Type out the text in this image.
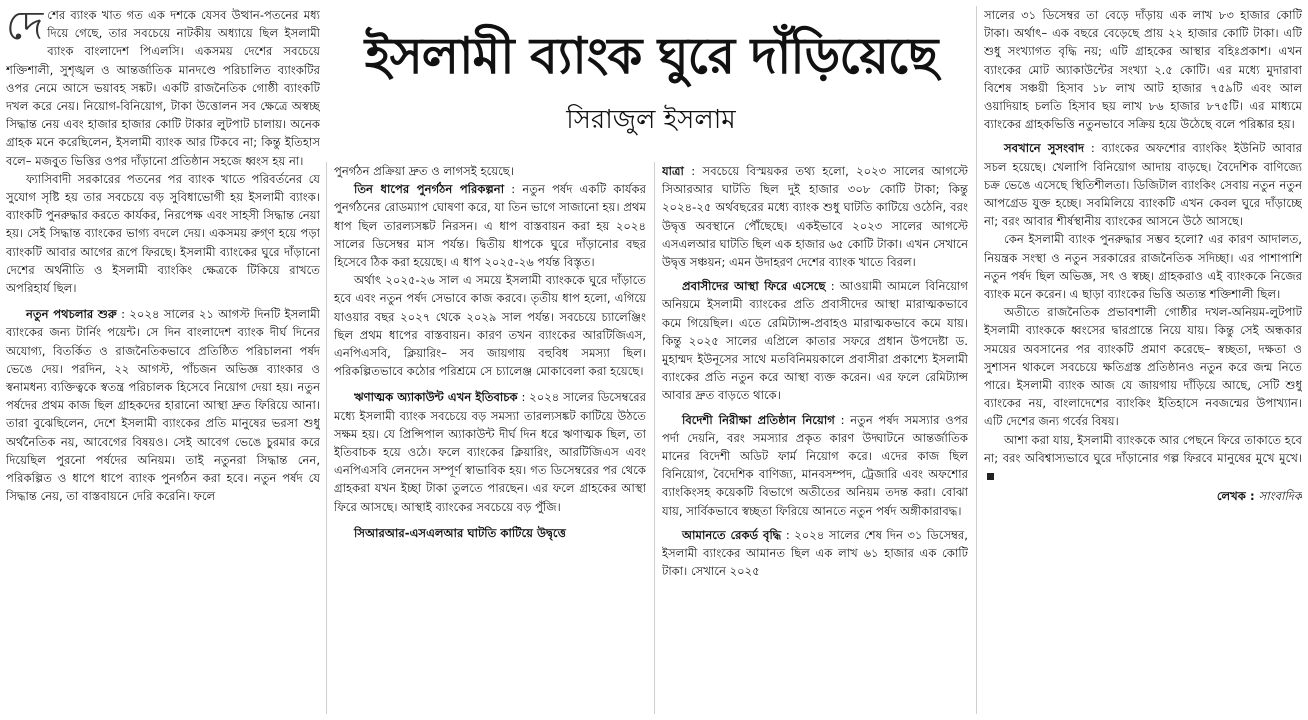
দেশের ব্যাংক খাত গত এক দশকে যেসব উত্থান-পতনের মধ্য দিয়ে গেছে, তার সবচেয়ে নাটকীয় অধ্যায়ে ছিল ইসলামী ব্যাংক বাংলাদেশ পিএলসি। একসময় দেশের সবচেয়ে শক্তিশালী, সুশৃঙ্খল ও আন্তর্জাতিক মানদণ্ডে পরিচালিত ব্যাংকটির ওপর নেমে আসে ভয়াবহ সঙ্কট। একটি রাজনৈতিক গোষ্ঠী ব্যাংকটি দখল করে নেয়। নিয়োগ-বিনিয়োগ, টাকা উত্তোলন সব ক্ষেত্রে অস্বচ্ছ সিদ্ধান্ত নেয় এবং হাজার হাজার কোটি টাকার লুটপাট চালায়। অনেক গ্রাহক মনে করেছিলেন, ইসলামী ব্যাংক আর টিকবে না; কিন্তু ইতিহাস বলে– মজবুত ভিত্তির ওপর দাঁড়ানো প্রতিষ্ঠান সহজে ধ্বংস হয় না।

ফ্যাসিবাদী সরকারের পতনের পর ব্যাংক খাতে পরিবর্তনের যে সুযোগ সৃষ্টি হয় তার সবচেয়ে বড় সুবিধাভোগী হয় ইসলামী ব্যাংক। ব্যাংকটি পুনরুদ্ধার করতে কার্যকর, নিরপেক্ষ এবং সাহসী সিদ্ধান্ত নেয়া হয়। সেই সিদ্ধান্ত ব্যাংকের ভাগ্য বদলে দেয়। একসময় রুগ্ণ হয়ে পড়া ব্যাংকটি আবার আগের রূপে ফিরছে। ইসলামী ব্যাংকের ঘুরে দাঁড়ানো দেশের অর্থনীতি ও ইসলামী ব্যাংকিং ক্ষেত্রকে টিকিয়ে রাখতে অপরিহার্য ছিল।

নতুন পথচলার শুরু : ২০২৪ সালের ২১ আগস্ট দিনটি ইসলামী ব্যাংকের জন্য টার্নিং পয়েন্ট। সে দিন বাংলাদেশ ব্যাংক দীর্ঘ দিনের অযোগ্য, বিতর্কিত ও রাজনৈতিকভাবে প্রতিষ্ঠিত পরিচালনা পর্ষদ ভেঙে দেয়। পরদিন, ২২ আগস্ট, পাঁচজন অভিজ্ঞ ব্যাংকার ও স্বনামধন্য ব্যক্তিত্বকে স্বতন্ত্র পরিচালক হিসেবে নিয়োগ দেয়া হয়। নতুন পর্ষদের প্রথম কাজ ছিল গ্রাহকদের হারানো আস্থা দ্রুত ফিরিয়ে আনা। তারা বুঝেছিলেন, দেশে ইসলামী ব্যাংকের প্রতি মানুষের ভরসা শুধু অর্থনৈতিক নয়, আবেগের বিষয়ও। সেই আবেগ ভেঙে চুরমার করে দিয়েছিল পুরনো পর্ষদের অনিয়ম। তাই নতুনরা সিদ্ধান্ত নেন, পরিকল্পিত ও ধাপে ধাপে ব্যাংক পুনর্গঠন করা হবে। নতুন পর্ষদ যে সিদ্ধান্ত নেয়, তা বাস্তবায়নে দেরি করেনি। ফলে

ইসলামী ব্যাংক ঘুরে দাঁড়িয়েছে
সিরাজুল ইসলাম

পুনর্গঠন প্রক্রিয়া দ্রুত ও লাগসই হয়েছে।

তিন ধাপের পুনর্গঠন পরিকল্পনা : নতুন পর্ষদ একটি কার্যকর পুনর্গঠনের রোডম্যাপ ঘোষণা করে, যা তিন ভাগে সাজানো হয়। প্রথম ধাপ ছিল তারল্যসঙ্কট নিরসন। এ ধাপ বাস্তবায়ন করা হয় ২০২৪ সালের ডিসেম্বর মাস পর্যন্ত। দ্বিতীয় ধাপকে ঘুরে দাঁড়ানোর বছর হিসেবে ঠিক করা হয়েছে। এ ধাপ ২০২৫-২৬ পর্যন্ত বিস্তৃত।

অর্থাৎ ২০২৫-২৬ সাল এ সময়ে ইসলামী ব্যাংককে ঘুরে দাঁড়াতে হবে এবং নতুন পর্ষদ সেভাবে কাজ করবে। তৃতীয় ধাপ হলো, এগিয়ে যাওয়ার বছর ২০২৭ থেকে ২০২৯ সাল পর্যন্ত। সবচেয়ে চ্যালেঞ্জিং ছিল প্রথম ধাপের বাস্তবায়ন। কারণ তখন ব্যাংকের আরটিজিএস, এনপিএসবি, ক্লিয়ারিং– সব জায়গায় বহুবিধ সমস্যা ছিল। পরিকল্পিতভাবে কঠোর পরিশ্রমে সে চ্যালেঞ্জ মোকাবেলা করা হয়েছে।

ঋণাত্মক অ্যাকাউন্ট এখন ইতিবাচক : ২০২৪ সালের ডিসেম্বরের মধ্যে ইসলামী ব্যাংক সবচেয়ে বড় সমস্যা তারল্যসঙ্কট কাটিয়ে উঠতে সক্ষম হয়। যে প্রিন্সিপাল অ্যাকাউন্ট দীর্ঘ দিন ধরে ঋণাত্মক ছিল, তা ইতিবাচক হয়ে ওঠে। ফলে ব্যাংকের ক্লিয়ারিং, আরটিজিএস এবং এনপিএসবি লেনদেন সম্পূর্ণ স্বাভাবিক হয়। গত ডিসেম্বরের পর থেকে গ্রাহকরা যখন ইচ্ছা টাকা তুলতে পারছেন। এর ফলে গ্রাহকের আস্থা ফিরে আসছে। আস্থাই ব্যাংকের সবচেয়ে বড় পুঁজি।

সিআরআর-এসএলআর ঘাটতি কাটিয়ে উদ্বৃত্তে

যাত্রা : সবচেয়ে বিস্ময়কর তথ্য হলো, ২০২৩ সালের আগস্টে সিআরআর ঘাটতি ছিল দুই হাজার ৩০৮ কোটি টাকা; কিন্তু ২০২৪-২৫ অর্থবছরের মধ্যে ব্যাংক শুধু ঘাটতি কাটিয়ে ওঠেনি, বরং উদ্বৃত্ত অবস্থানে পৌঁছেছে। একইভাবে ২০২৩ সালের আগস্টে এসএলআর ঘাটতি ছিল এক হাজার ৬৫ কোটি টাকা। এখন সেখানে উদ্বৃত্ত সঞ্চয়ন; এমন উদাহরণ দেশের ব্যাংক খাতে বিরল।

প্রবাসীদের আস্থা ফিরে এসেছে : আওয়ামী আমলে বিনিয়োগ অনিয়মে ইসলামী ব্যাংকের প্রতি প্রবাসীদের আস্থা মারাত্মকভাবে কমে গিয়েছিল। এতে রেমিট্যান্স-প্রবাহও মারাত্মকভাবে কমে যায়। কিন্তু ২০২৫ সালের এপ্রিলে কাতার সফরে প্রধান উপদেষ্টা ড. মুহাম্মদ ইউনূসের সাথে মতবিনিময়কালে প্রবাসীরা প্রকাশ্যে ইসলামী ব্যাংকের প্রতি নতুন করে আস্থা ব্যক্ত করেন। এর ফলে রেমিট্যান্স আবার দ্রুত বাড়তে থাকে।

বিদেশী নিরীক্ষা প্রতিষ্ঠান নিয়োগ : নতুন পর্ষদ সমস্যার ওপর পর্দা দেয়নি, বরং সমস্যার প্রকৃত কারণ উদ্ঘাটনে আন্তর্জাতিক মানের বিদেশী অডিট ফার্ম নিয়োগ করে। এদের কাজ ছিল বিনিয়োগ, বৈদেশিক বাণিজ্য, মানবসম্পদ, ট্রেজারি এবং অফশোর ব্যাংকিংসহ কয়েকটি বিভাগে অতীতের অনিয়ম তদন্ত করা। বোঝা যায়, সার্বিকভাবে স্বচ্ছতা ফিরিয়ে আনতে নতুন পর্ষদ অঙ্গীকারাবদ্ধ।

আমানতে রেকর্ড বৃদ্ধি : ২০২৪ সালের শেষ দিন ৩১ ডিসেম্বর, ইসলামী ব্যাংকের আমানত ছিল এক লাখ ৬১ হাজার এক কোটি টাকা। সেখানে ২০২৫

সালের ৩১ ডিসেম্বর তা বেড়ে দাঁড়ায় এক লাখ ৮৩ হাজার কোটি টাকা। অর্থাৎ– এক বছরে বেড়েছে প্রায় ২২ হাজার কোটি টাকা। এটি শুধু সংখ্যাগত বৃদ্ধি নয়; এটি গ্রাহকের আস্থার বহিঃপ্রকাশ। এখন ব্যাংকের মোট অ্যাকাউন্টের সংখ্যা ২.৫ কোটি। এর মধ্যে মুদারাবা বিশেষ সঞ্চয়ী হিসাব ১৮ লাখ আট হাজার ৭৫৯টি এবং আল ওয়াদিয়াহ চলতি হিসাব ছয় লাখ ৮৬ হাজার ৮৭৫টি। এর মাধ্যমে ব্যাংকের গ্রাহকভিত্তি নতুনভাবে সক্রিয় হয়ে উঠেছে বলে পরিষ্কার হয়।

সবখানে সুসংবাদ : ব্যাংকের অফশোর ব্যাংকিং ইউনিট আবার সচল হয়েছে। খেলাপি বিনিয়োগ আদায় বাড়ছে। বৈদেশিক বাণিজ্যে চক্র ভেঙে এসেছে স্থিতিশীলতা। ডিজিটাল ব্যাংকিং সেবায় নতুন নতুন আপগ্রেড যুক্ত হচ্ছে। সবমিলিয়ে ব্যাংকটি এখন কেবল ঘুরে দাঁড়াচ্ছে না; বরং আবার শীর্ষস্থানীয় ব্যাংকের আসনে উঠে আসছে।

কেন ইসলামী ব্যাংক পুনরুদ্ধার সম্ভব হলো? এর কারণ আদালত, নিয়ন্ত্রক সংস্থা ও নতুন সরকারের রাজনৈতিক সদিচ্ছা। এর পাশাপাশি নতুন পর্ষদ ছিল অভিজ্ঞ, সৎ ও স্বচ্ছ। গ্রাহকরাও এই ব্যাংককে নিজের ব্যাংক মনে করেন। এ ছাড়া ব্যাংকের ভিত্তি অত্যন্ত শক্তিশালী ছিল।

অতীতে রাজনৈতিক প্রভাবশালী গোষ্ঠীর দখল-অনিয়ম-লুটপাট ইসলামী ব্যাংককে ধ্বংসের দ্বারপ্রান্তে নিয়ে যায়। কিন্তু সেই অন্ধকার সময়ের অবসানের পর ব্যাংকটি প্রমাণ করেছে– স্বচ্ছতা, দক্ষতা ও সুশাসন থাকলে সবচেয়ে ক্ষতিগ্রস্ত প্রতিষ্ঠানও নতুন করে জন্ম নিতে পারে। ইসলামী ব্যাংক আজ যে জায়গায় দাঁড়িয়ে আছে, সেটি শুধু ব্যাংকের নয়, বাংলাদেশের ব্যাংকিং ইতিহাসে নবজন্মের উপাখ্যান। এটি দেশের জন্য গর্বের বিষয়।

আশা করা যায়, ইসলামী ব্যাংককে আর পেছনে ফিরে তাকাতে হবে না; বরং অবিশ্বাস্যভাবে ঘুরে দাঁড়ানোর গল্প ফিরবে মানুষের মুখে মুখে।

লেখক : সাংবাদিক
